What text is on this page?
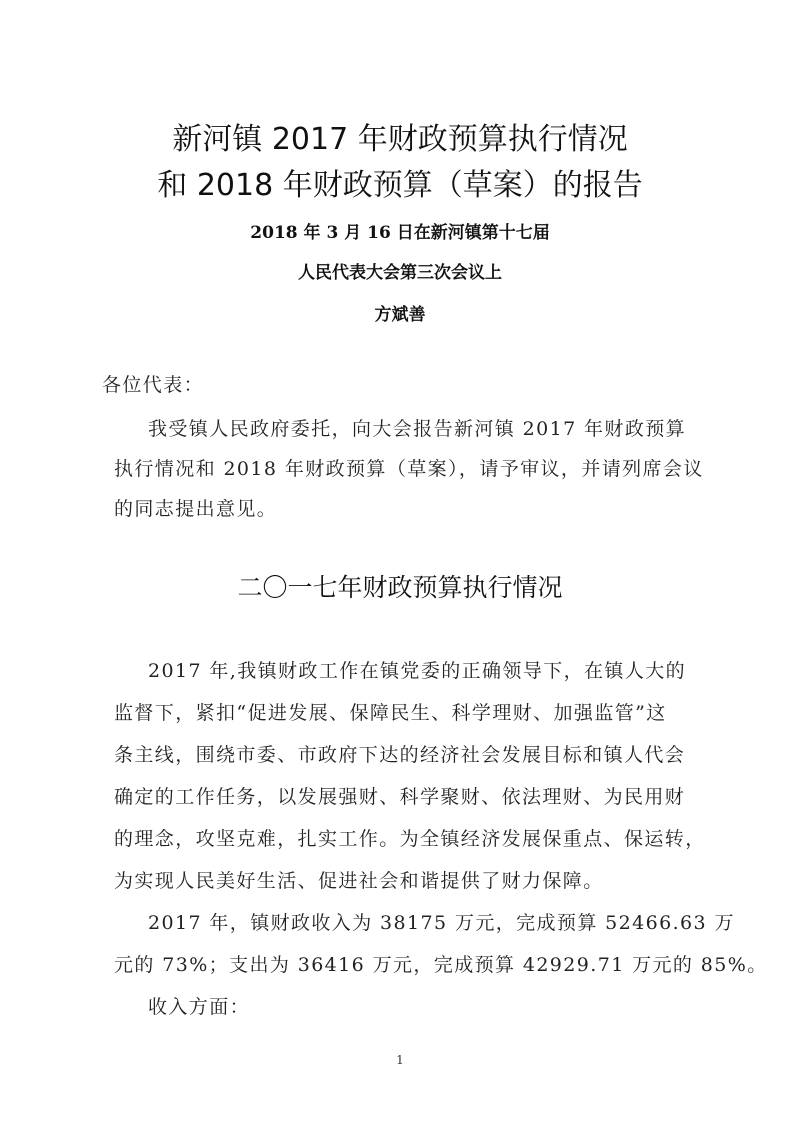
新河镇 2017 年财政预算执行情况
和 2018 年财政预算（草案）的报告
2018 年 3 月 16 日在新河镇第十七届
人民代表大会第三次会议上
方斌善
各位代表：
我受镇人民政府委托，向大会报告新河镇 2017 年财政预算
执行情况和 2018 年财政预算（草案），请予审议，并请列席会议
的同志提出意见。
二〇一七年财政预算执行情况
2017 年,我镇财政工作在镇党委的正确领导下，在镇人大的
监督下，紧扣“促进发展、保障民生、科学理财、加强监管”这
条主线，围绕市委、市政府下达的经济社会发展目标和镇人代会
确定的工作任务，以发展强财、科学聚财、依法理财、为民用财
的理念，攻坚克难，扎实工作。为全镇经济发展保重点、保运转，
为实现人民美好生活、促进社会和谐提供了财力保障。
2017 年，镇财政收入为 38175 万元，完成预算 52466.63 万
元的 73%；支出为 36416 万元，完成预算 42929.71 万元的 85%。
收入方面：
1
